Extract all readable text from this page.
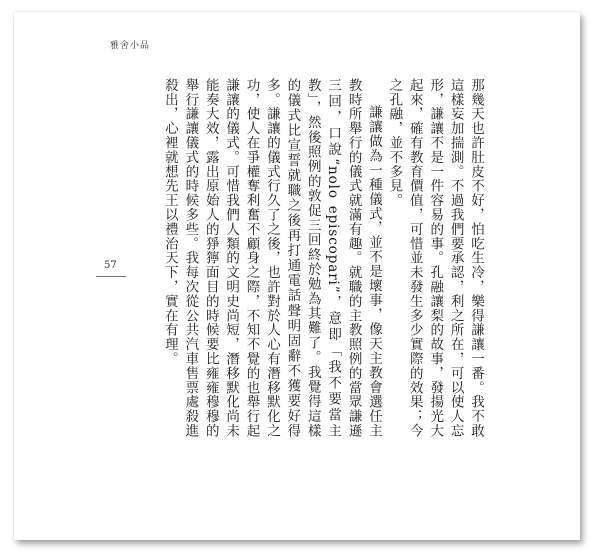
雅舍小品
57	那幾天也許肚皮不好，怕吃生冷，樂得謙讓一番。我不敢這樣妄加揣測。不過我們要承認，利之所在，可以使人忘形，謙讓不是一件容易的事。孔融讓梨的故事，發揚光大起來，確有教育價值，可惜並未發生多少實際的效果；今之孔融，並不多見。

謙讓做為一種儀式，並不是壞事，像天主教會選任主教時所舉行的儀式就滿有趣。就職的主教照例的當眾謙遜三回，口說“nolo episcopari”，意即「我不要當主教」，然後照例的敦促三回終於勉為其難了。我覺得這樣的儀式比宣誓就職之後再打通電話聲明固辭不獲要好得多。謙讓的儀式行久了之後，也許對於人心有潛移默化之功，使人在爭權奪利奮不顧身之際，不知不覺的也舉行起謙讓的儀式。可惜我們人類的文明史尚短，潛移默化尚未能奏大效，露出原始人的猙獰面目的時候要比雍雍穆穆的舉行謙讓儀式的時候多些。我每次從公共汽車售票處殺進殺出，心裡就想先王以禮治天下，實在有理。
